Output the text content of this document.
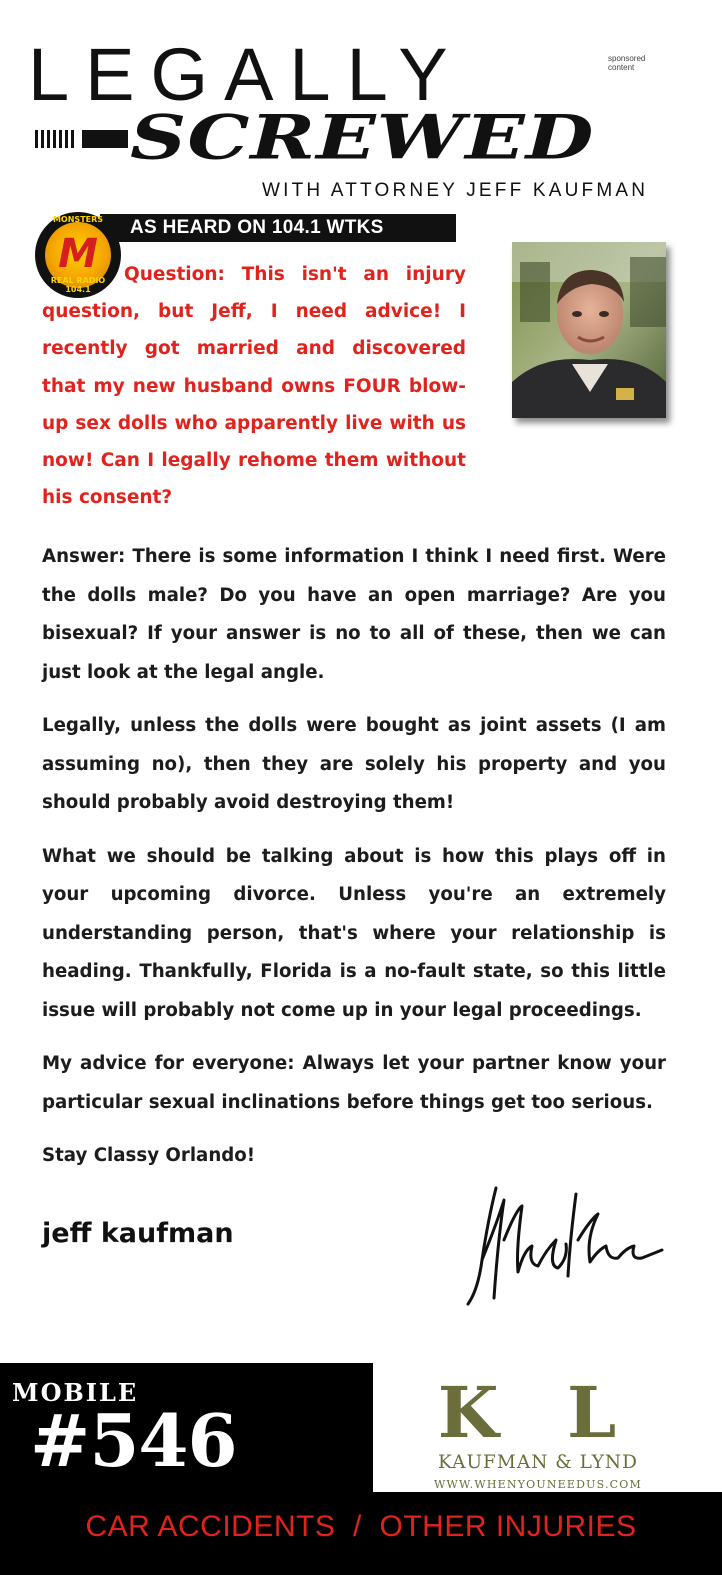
LEGALLY	sponsored content
SCREWED
WITH ATTORNEY JEFF KAUFMAN
AS HEARD ON 104.1 WTKS
M
MONSTERS
REAL RADIO 104.1
Question: This isn't an injury question, but Jeff, I need advice! I recently got married and discovered that my new husband owns FOUR blow-up sex dolls who apparently live with us now! Can I legally rehome them without his consent?

Answer: There is some information I think I need first. Were the dolls male? Do you have an open marriage? Are you bisexual? If your answer is no to all of these, then we can just look at the legal angle.

Legally, unless the dolls were bought as joint assets (I am assuming no), then they are solely his property and you should probably avoid destroying them!

What we should be talking about is how this plays off in your upcoming divorce. Unless you're an extremely understanding person, that's where your relationship is heading. Thankfully, Florida is a no-fault state, so this little issue will probably not come up in your legal proceedings.

My advice for everyone: Always let your partner know your particular sexual inclinations before things get too serious.

Stay Classy Orlando!

jeff kaufman
MOBILE
#546	K L
KAUFMAN & LYND
WWW.WHENYOUNEEDUS.COM
CAR ACCIDENTS  /  OTHER INJURIES
